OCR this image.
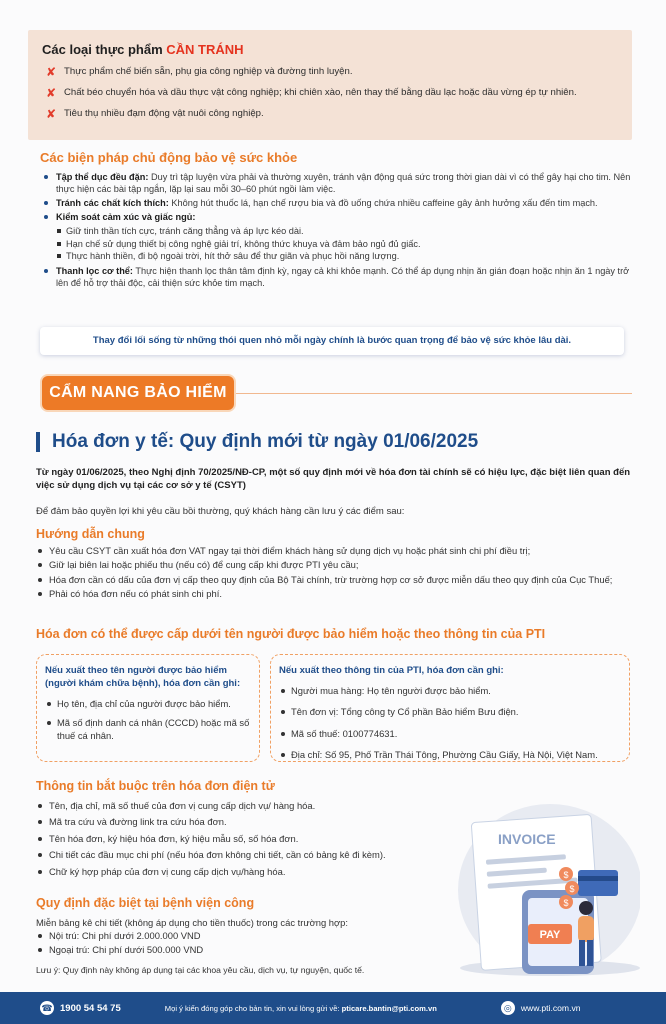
Các loại thực phẩm CẦN TRÁNH
✘ Thực phẩm chế biến sẵn, phụ gia công nghiệp và đường tinh luyện.
✘ Chất béo chuyển hóa và dầu thực vật công nghiệp; khi chiên xào, nên thay thế bằng dầu lạc hoặc dầu vừng ép tự nhiên.
✘ Tiêu thụ nhiều đạm động vật nuôi công nghiệp.
Các biện pháp chủ động bảo vệ sức khỏe
Tập thể dục đều đặn: Duy trì tập luyện vừa phải và thường xuyên, tránh vận động quá sức trong thời gian dài vì có thể gây hại cho tim. Nên thực hiện các bài tập ngắn, lặp lại sau mỗi 30–60 phút ngồi làm việc.
Tránh các chất kích thích: Không hút thuốc lá, hạn chế rượu bia và đồ uống chứa nhiều caffeine gây ảnh hưởng xấu đến tim mạch.
Kiểm soát cảm xúc và giấc ngủ:
Giữ tinh thần tích cực, tránh căng thẳng và áp lực kéo dài.
Hạn chế sử dụng thiết bị công nghệ giải trí, không thức khuya và đảm bảo ngủ đủ giấc.
Thực hành thiền, đi bộ ngoài trời, hít thở sâu để thư giãn và phục hồi năng lượng.
Thanh lọc cơ thể: Thực hiện thanh lọc thân tâm định kỳ, ngay cả khi khỏe mạnh. Có thể áp dụng nhịn ăn gián đoạn hoặc nhịn ăn 1 ngày trở lên để hỗ trợ thải độc, cải thiện sức khỏe tim mạch.
Thay đổi lối sống từ những thói quen nhỏ mỗi ngày chính là bước quan trọng để bảo vệ sức khỏe lâu dài.
CẨM NANG BẢO HIỂM
Hóa đơn y tế: Quy định mới từ ngày 01/06/2025
Từ ngày 01/06/2025, theo Nghị định 70/2025/NĐ-CP, một số quy định mới về hóa đơn tài chính sẽ có hiệu lực, đặc biệt liên quan đến việc sử dụng dịch vụ tại các cơ sở y tế (CSYT)
Để đảm bảo quyền lợi khi yêu cầu bồi thường, quý khách hàng cần lưu ý các điểm sau:
Hướng dẫn chung
Yêu cầu CSYT cần xuất hóa đơn VAT ngay tại thời điểm khách hàng sử dụng dịch vụ hoặc phát sinh chi phí điều trị;
Giữ lại biên lai hoặc phiếu thu (nếu có) để cung cấp khi được PTI yêu cầu;
Hóa đơn cần có dấu của đơn vị cấp theo quy định của Bộ Tài chính, trừ trường hợp cơ sở được miễn dấu theo quy định của Cục Thuế;
Phải có hóa đơn nếu có phát sinh chi phí.
Hóa đơn có thể được cấp dưới tên người được bảo hiểm hoặc theo thông tin của PTI
Nếu xuất theo tên người được bảo hiểm (người khám chữa bệnh), hóa đơn cần ghi:
Họ tên, địa chỉ của người được bảo hiểm.
Mã số định danh cá nhân (CCCD) hoặc mã số thuế cá nhân.
Nếu xuất theo thông tin của PTI, hóa đơn cần ghi:
Người mua hàng: Họ tên người được bảo hiểm.
Tên đơn vị: Tổng công ty Cổ phần Bảo hiểm Bưu điện.
Mã số thuế: 0100774631.
Địa chỉ: Số 95, Phố Trần Thái Tông, Phường Cầu Giấy, Hà Nội, Việt Nam.
Thông tin bắt buộc trên hóa đơn điện tử
Tên, địa chỉ, mã số thuế của đơn vị cung cấp dịch vụ/ hàng hóa.
Mã tra cứu và đường link tra cứu hóa đơn.
Tên hóa đơn, ký hiệu hóa đơn, ký hiệu mẫu số, số hóa đơn.
Chi tiết các đầu mục chi phí (nếu hóa đơn không chi tiết, cần có bảng kê đi kèm).
Chữ ký hợp pháp của đơn vị cung cấp dịch vụ/hàng hóa.
Quy định đặc biệt tại bệnh viện công
Miễn bảng kê chi tiết (không áp dụng cho tiền thuốc) trong các trường hợp:
Nội trú: Chi phí dưới 2.000.000 VND
Ngoại trú: Chi phí dưới 500.000 VND
Lưu ý: Quy định này không áp dụng tại các khoa yêu cầu, dịch vụ, tự nguyện, quốc tế.
INVOICE
PAY
$
$
$
☎ 1900 54 54 75	Mọi ý kiến đóng góp cho bản tin, xin vui lòng gửi về: pticare.bantin@pti.com.vn	◎	www.pti.com.vn
